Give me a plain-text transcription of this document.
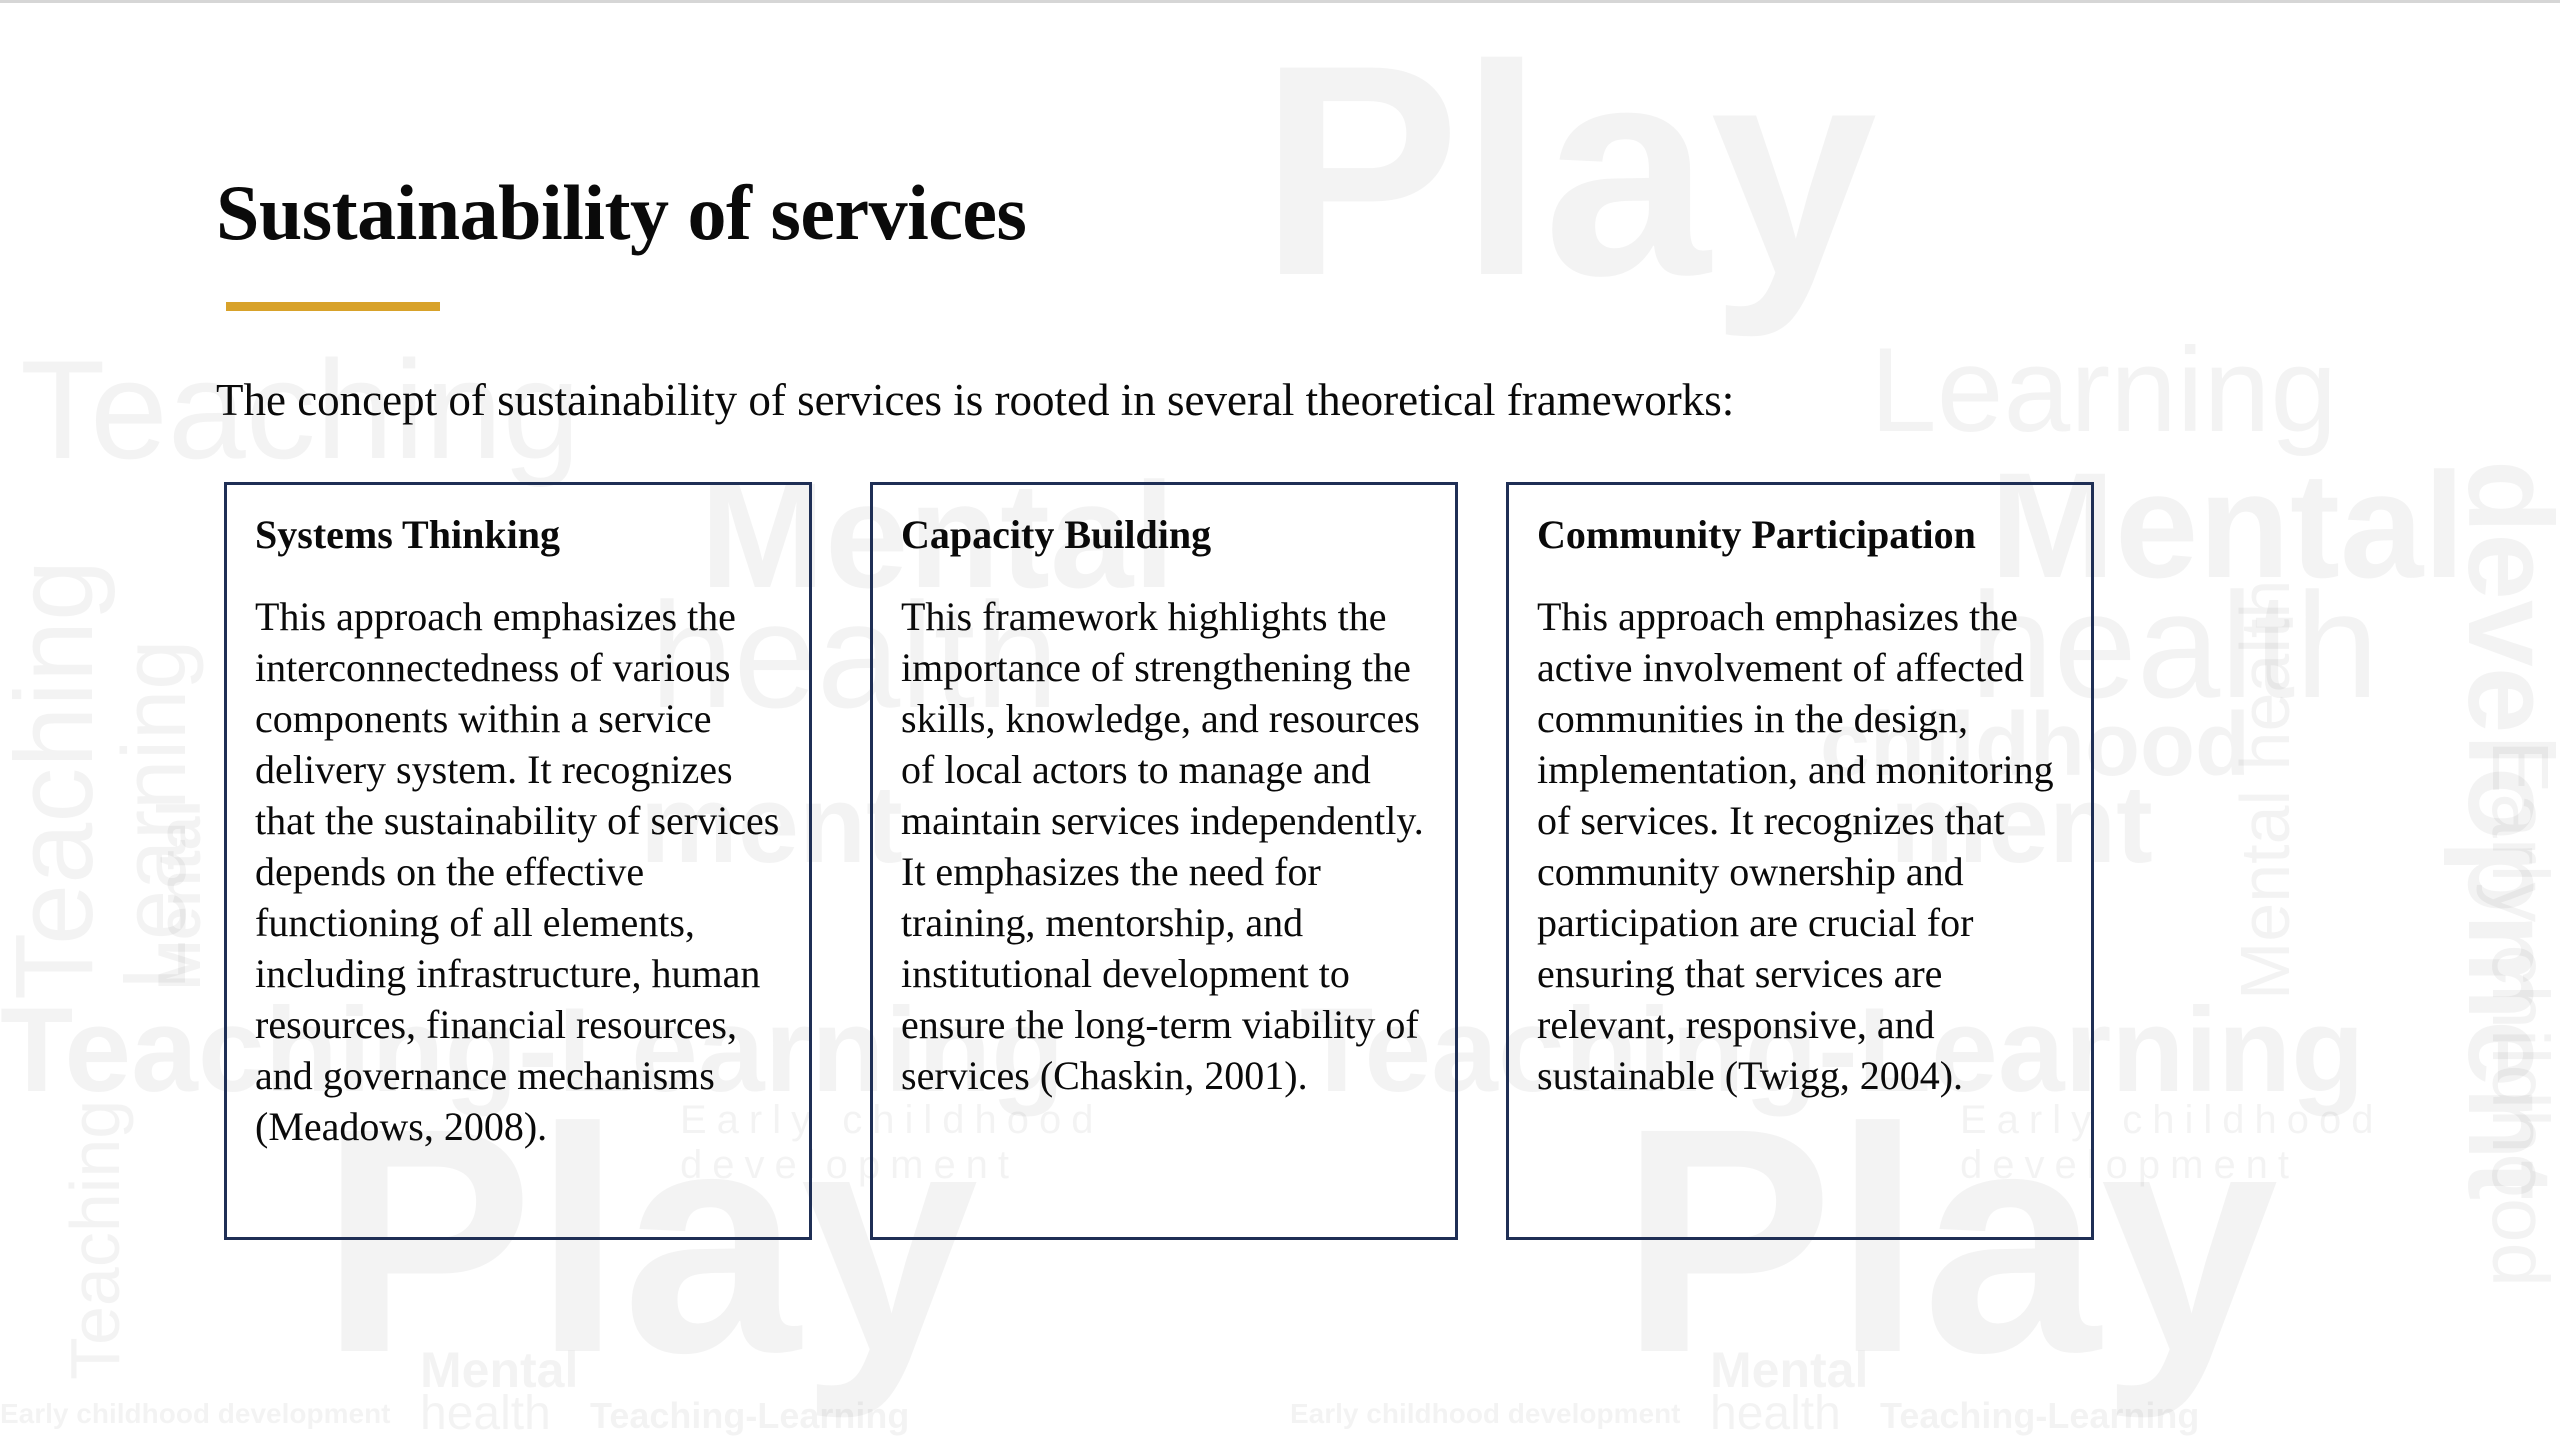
Sustainability of services

The concept of sustainability of services is rooted in several theoretical frameworks:

Systems Thinking

This approach emphasizes the interconnectedness of various components within a service delivery system. It recognizes that the sustainability of services depends on the effective functioning of all elements, including infrastructure, human resources, financial resources, and governance mechanisms (Meadows, 2008).

Capacity Building

This framework highlights the importance of strengthening the skills, knowledge, and resources of local actors to manage and maintain services independently. It emphasizes the need for training, mentorship, and institutional development to ensure the long-term viability of services (Chaskin, 2001).

Community Participation

This approach emphasizes the active involvement of affected communities in the design, implementation, and monitoring of services. It recognizes that community ownership and participation are crucial for ensuring that services are relevant, responsive, and sustainable (Twigg, 2004).
